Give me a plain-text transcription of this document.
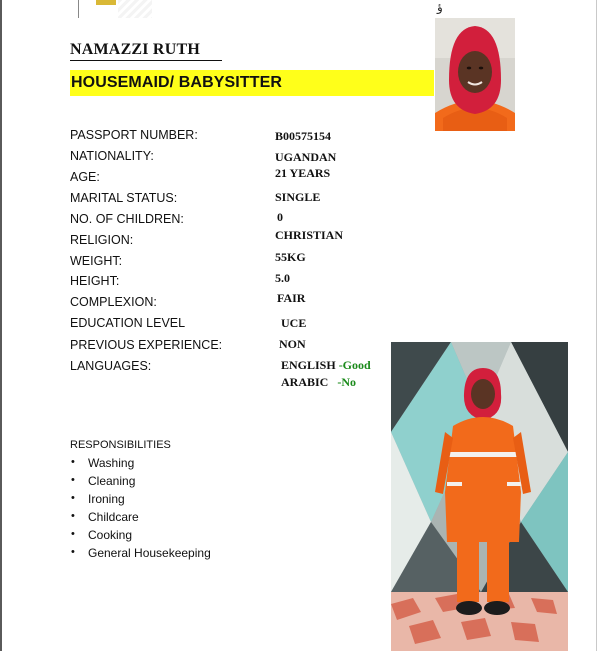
ؤ
NAMAZZI RUTH
HOUSEMAID/ BABYSITTER
PASSPORT NUMBER:	B00575154
NATIONALITY:	UGANDAN
AGE:	21 YEARS
MARITAL STATUS:	SINGLE
NO. OF CHILDREN:	0
RELIGION:	CHRISTIAN
WEIGHT:	55KG
HEIGHT:	5.0
COMPLEXION:	FAIR
EDUCATION LEVEL	UCE
PREVIOUS EXPERIENCE:	NON
LANGUAGES:	ENGLISH -Good
ARABIC -No
RESPONSIBILITIES
• Washing
• Cleaning
• Ironing
• Childcare
• Cooking
• General Housekeeping
